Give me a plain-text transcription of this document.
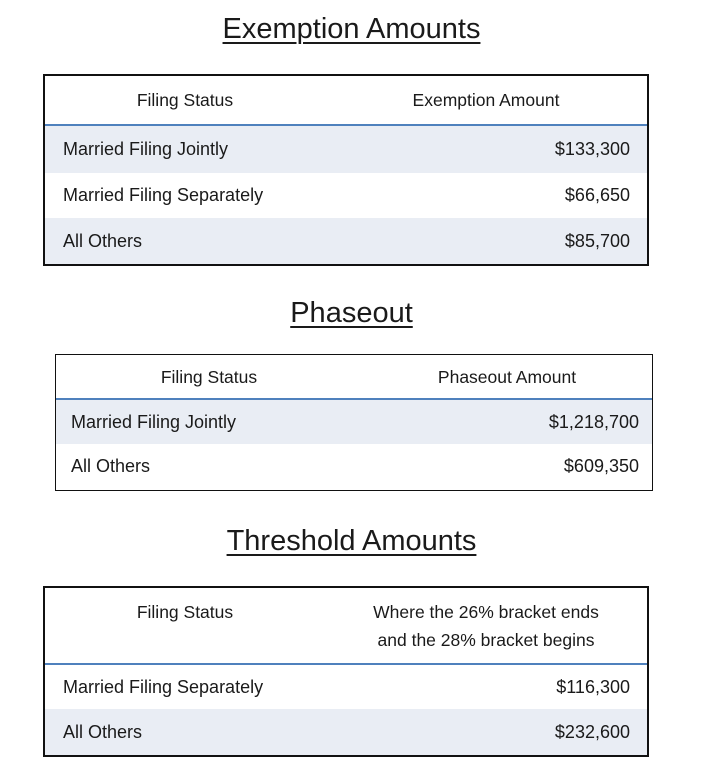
Exemption Amounts
Filing Status	Exemption Amount
Married Filing Jointly	$133,300
Married Filing Separately	$66,650
All Others	$85,700
Phaseout
Filing Status	Phaseout Amount
Married Filing Jointly	$1,218,700
All Others	$609,350
Threshold Amounts
Filing Status	Where the 26% bracket ends
and the 28% bracket begins
Married Filing Separately	$116,300
All Others	$232,600
